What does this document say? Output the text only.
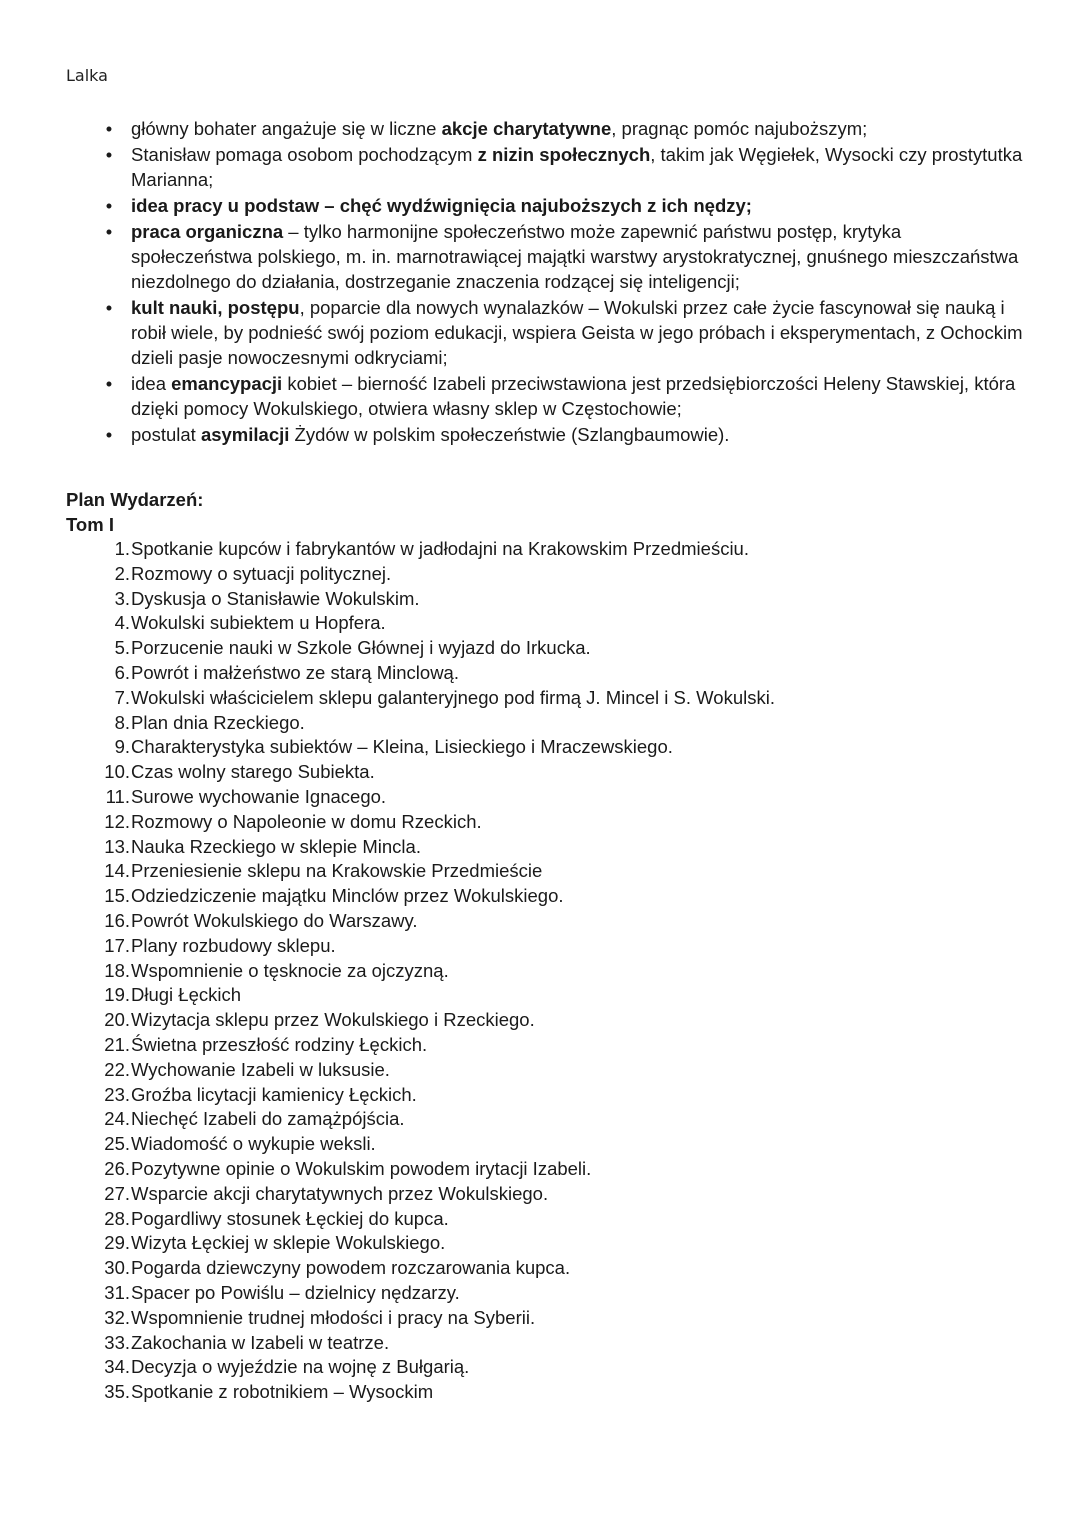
Lalka
•	główny bohater angażuje się w liczne akcje charytatywne, pragnąc pomóc najuboższym;
•	Stanisław pomaga osobom pochodzącym z nizin społecznych, takim jak Węgiełek, Wysocki czy prostytutka Marianna;
•	idea pracy u podstaw – chęć wydźwignięcia najuboższych z ich nędzy;
•	praca organiczna – tylko harmonijne społeczeństwo może zapewnić państwu postęp, krytyka społeczeństwa polskiego, m. in. marnotrawiącej majątki warstwy arystokratycznej, gnuśnego mieszczaństwa niezdolnego do działania, dostrzeganie znaczenia rodzącej się inteligencji;
•	kult nauki, postępu, poparcie dla nowych wynalazków – Wokulski przez całe życie fascynował się nauką i robił wiele, by podnieść swój poziom edukacji, wspiera Geista w jego próbach i eksperymentach, z Ochockim dzieli pasje nowoczesnymi odkryciami;
•	idea emancypacji kobiet – bierność Izabeli przeciwstawiona jest przedsiębiorczości Heleny Stawskiej, która dzięki pomocy Wokulskiego, otwiera własny sklep w Częstochowie;
•	postulat asymilacji Żydów w polskim społeczeństwie (Szlangbaumowie).
Plan Wydarzeń:
Tom I
1. Spotkanie kupców i fabrykantów w jadłodajni na Krakowskim Przedmieściu.
2. Rozmowy o sytuacji politycznej.
3. Dyskusja o Stanisławie Wokulskim.
4. Wokulski subiektem u Hopfera.
5. Porzucenie nauki w Szkole Głównej i wyjazd do Irkucka.
6. Powrót i małżeństwo ze starą Minclową.
7. Wokulski właścicielem sklepu galanteryjnego pod firmą J. Mincel i S. Wokulski.
8. Plan dnia Rzeckiego.
9. Charakterystyka subiektów – Kleina, Lisieckiego i Mraczewskiego.
10. Czas wolny starego Subiekta.
11. Surowe wychowanie Ignacego.
12. Rozmowy o Napoleonie w domu Rzeckich.
13. Nauka Rzeckiego w sklepie Mincla.
14. Przeniesienie sklepu na Krakowskie Przedmieście
15. Odziedziczenie majątku Minclów przez Wokulskiego.
16. Powrót Wokulskiego do Warszawy.
17. Plany rozbudowy sklepu.
18. Wspomnienie o tęsknocie za ojczyzną.
19. Długi Łęckich
20. Wizytacja sklepu przez Wokulskiego i Rzeckiego.
21. Świetna przeszłość rodziny Łęckich.
22. Wychowanie Izabeli w luksusie.
23. Groźba licytacji kamienicy Łęckich.
24. Niechęć Izabeli do zamążpójścia.
25. Wiadomość o wykupie weksli.
26. Pozytywne opinie o Wokulskim powodem irytacji Izabeli.
27. Wsparcie akcji charytatywnych przez Wokulskiego.
28. Pogardliwy stosunek Łęckiej do kupca.
29. Wizyta Łęckiej w sklepie Wokulskiego.
30. Pogarda dziewczyny powodem rozczarowania kupca.
31. Spacer po Powiślu – dzielnicy nędzarzy.
32. Wspomnienie trudnej młodości i pracy na Syberii.
33. Zakochania w Izabeli w teatrze.
34. Decyzja o wyjeździe na wojnę z Bułgarią.
35. Spotkanie z robotnikiem – Wysockim
